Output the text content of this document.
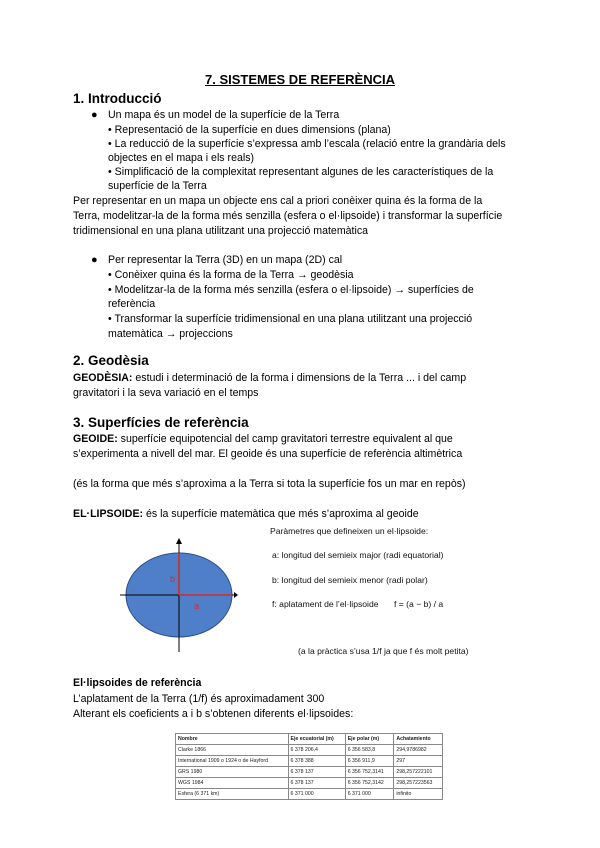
7. SISTEMES DE REFERÈNCIA
1. Introducció
● Un mapa és un model de la superfície de la Terra
• Representació de la superfície en dues dimensions (plana)
• La reducció de la superfície s’expressa amb l’escala (relació entre la grandària dels
objectes en el mapa i els reals)
• Simplificació de la complexitat representant algunes de les característiques de la
superfície de la Terra
Per representar en un mapa un objecte ens cal a priori conèixer quina és la forma de la
Terra, modelitzar-la de la forma més senzilla (esfera o el·lipsoide) i transformar la superfície
tridimensional en una plana utilitzant una projecció matemàtica
● Per representar la Terra (3D) en un mapa (2D) cal
• Conèixer quina és la forma de la Terra → geodèsia
• Modelitzar-la de la forma més senzilla (esfera o el·lipsoide) → superfícies de
referència
• Transformar la superfície tridimensional en una plana utilitzant una projecció
matemàtica → projeccions
2. Geodèsia
GEODÈSIA: estudi i determinació de la forma i dimensions de la Terra ... i del camp
gravitatori i la seva variació en el temps
3. Superfícies de referència
GEOIDE: superfície equipotencial del camp gravitatori terrestre equivalent al que
s’experimenta a nivell del mar. El geoide és una superfície de referència altimètrica
(és la forma que més s’aproxima a la Terra si tota la superfície fos un mar en repòs)
EL·LIPSOIDE: és la superfície matemàtica que més s’aproxima al geoide
b
a
Paràmetres que defineixen un el·lipsoide:
a: longitud del semieix major (radi equatorial)
b: longitud del semieix menor (radi polar)
f: aplatament de l’el·lipsoide f = (a − b) / a
(a la pràctica s’usa 1/f ja que f és molt petita)
El·lipsoides de referència
L’aplatament de la Terra (1/f) és aproximadament 300
Alterant els coeficients a i b s’obtenen diferents el·lipsoides:
Nombre	Eje ecuatorial (m)	Eje polar (m)	Achatamiento
Clarke 1866	6 378 206,4	6 356 583,8	294,9786982
International 1909 o 1924 o de Hayford	6 378 388	6 356 911,9	297
GRS 1980	6 378 137	6 356 752,3141	298,257222101
WGS 1984	6 378 137	6 356 752,3142	298,257223563
Esfera (6 371 km)	6 371 000	6 371 000	infinito
